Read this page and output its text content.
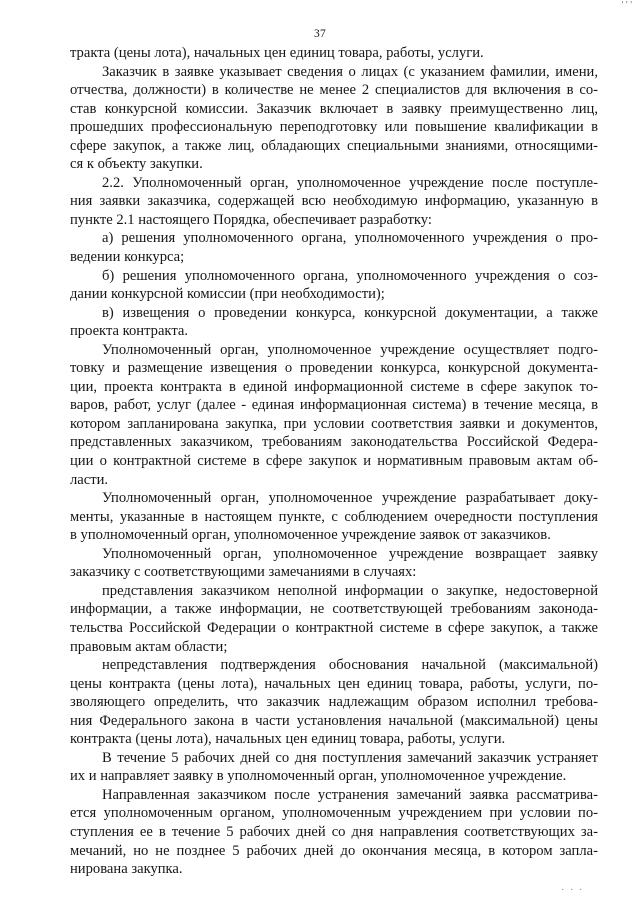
' ' '
37
тракта (цены лота), начальных цен единиц товара, работы, услуги.
Заказчик в заявке указывает сведения о лицах (с указанием фамилии, имени,
отчества, должности) в количестве не менее 2 специалистов для включения в со-
став конкурсной комиссии. Заказчик включает в заявку преимущественно лиц,
прошедших профессиональную переподготовку или повышение квалификации в
сфере закупок, а также лиц, обладающих специальными знаниями, относящими-
ся к объекту закупки.
2.2. Уполномоченный орган, уполномоченное учреждение после поступле-
ния заявки заказчика, содержащей всю необходимую информацию, указанную в
пункте 2.1 настоящего Порядка, обеспечивает разработку:
а) решения уполномоченного органа, уполномоченного учреждения о про-
ведении конкурса;
б) решения уполномоченного органа, уполномоченного учреждения о соз-
дании конкурсной комиссии (при необходимости);
в) извещения о проведении конкурса, конкурсной документации, а также
проекта контракта.
Уполномоченный орган, уполномоченное учреждение осуществляет подго-
товку и размещение извещения о проведении конкурса, конкурсной документа-
ции, проекта контракта в единой информационной системе в сфере закупок то-
варов, работ, услуг (далее - единая информационная система) в течение месяца, в
котором запланирована закупка, при условии соответствия заявки и документов,
представленных заказчиком, требованиям законодательства Российской Федера-
ции о контрактной системе в сфере закупок и нормативным правовым актам об-
ласти.
Уполномоченный орган, уполномоченное учреждение разрабатывает доку-
менты, указанные в настоящем пункте, с соблюдением очередности поступления
в уполномоченный орган, уполномоченное учреждение заявок от заказчиков.
Уполномоченный орган, уполномоченное учреждение возвращает заявку
заказчику с соответствующими замечаниями в случаях:
представления заказчиком неполной информации о закупке, недостоверной
информации, а также информации, не соответствующей требованиям законода-
тельства Российской Федерации о контрактной системе в сфере закупок, а также
правовым актам области;
непредставления подтверждения обоснования начальной (максимальной)
цены контракта (цены лота), начальных цен единиц товара, работы, услуги, по-
зволяющего определить, что заказчик надлежащим образом исполнил требова-
ния Федерального закона в части установления начальной (максимальной) цены
контракта (цены лота), начальных цен единиц товара, работы, услуги.
В течение 5 рабочих дней со дня поступления замечаний заказчик устраняет
их и направляет заявку в уполномоченный орган, уполномоченное учреждение.
Направленная заказчиком после устранения замечаний заявка рассматрива-
ется уполномоченным органом, уполномоченным учреждением при условии по-
ступления ее в течение 5 рабочих дней со дня направления соответствующих за-
мечаний, но не позднее 5 рабочих дней до окончания месяца, в котором запла-
нирована закупка.
. . .
